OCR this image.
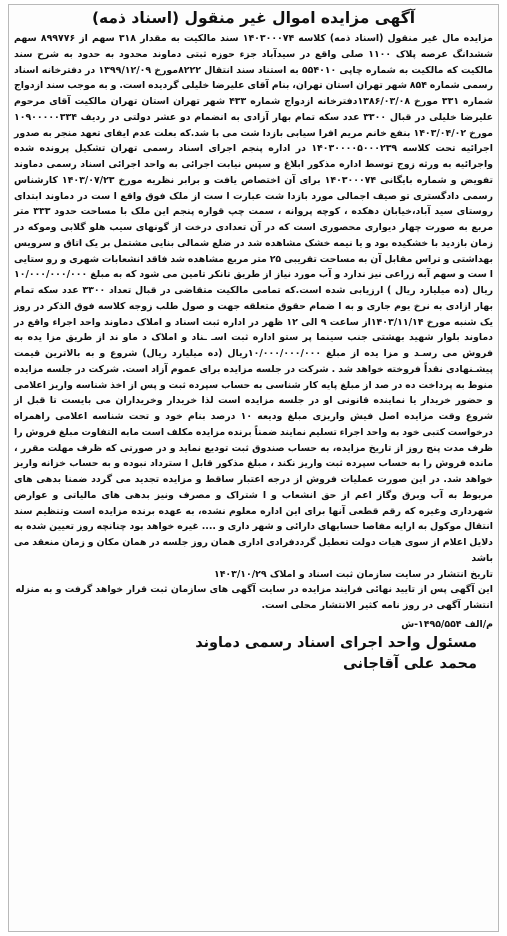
آگهی مزایده اموال غیر منقول (اسناد ذمه)

مزایده مال غیر منقول (اسناد ذمه) کلاسه ۱۴۰۳۰۰۰۷۴ سند مالکیت به مقدار ۳۱۸ سهم از ۸۹۹۷۷۶ سهم ششدانگ عرصه پلاک ۱۱۰۰ صلی واقع در سیدآباد جزء حوزه ثبتی دماوند محدود به حدود به شرح سند مالکیت که مالکیت به شماره چاپی ۵۵۴۰۱۰ به استناد سند انتقال ۸۲۲۲مورخ ۱۳۹۹/۱۲/۰۹ در دفترخانه اسناد رسمی شماره ۸۵۴ شهر تهران استان تهران، بنام آقای علیرضا خلیلی گردیده است. و به موجب سند ازدواج شماره ۳۳۱ مورخ ۱۳۸۶/۰۳/۰۸دفترخانه ازدواج شماره ۴۳۳ شهر تهران استان تهران مالکیت آقای مرحوم علیرضا خلیلی در قبال ۳۳۰۰ عدد سکه تمام بهار آزادی به انضمام دو عشر دولتی در ردیف ۱۰۹۰۰۰۰۰۳۳۴ مورخ ۱۴۰۳/۰۴/۰۲ بنفع خانم مریم افرا سیابی بازدا شت می با شد.که بعلت عدم ایفای تعهد منجر به صدور اجرائیه تحت کلاسه ۱۴۰۳۰۰۰۰۵۰۰۰۲۳۹ در اداره پنجم اجرای اسناد رسمی تهران تشکیل پرونده شده واجرائیه به ورثه زوج توسط اداره مذکور ابلاغ و سپس نیابت اجرائی به واحد اجرائی اسناد رسمی دماوند تفویض و شماره بایگانی ۱۴۰۳۰۰۰۷۴ برای آن اختصاص یافت و برابر نظریه مورخ ۱۴۰۳/۰۷/۲۳ کارشناس رسمی دادگستری تو صیف اجمالی مورد بازدا شت عبارت ا ست از ملک فوق واقع ا ست در دماوند ابتدای روستای سید آباد،خیابان دهکده ، کوچه پروانه ، سمت چپ قواره پنجم این ملک با مساحت حدود ۳۳۳ متر مربع به صورت چهار دیواری محصوری است که در آن تعدادی درخت از گونهای سیب هلو گلابی وموکه در زمان بازدید با خشکیده بود و یا نیمه خشک مشاهده شد در ضلع شمالی بنایی مشتمل بر یک اتاق و سرویس بهداشتی و تراس مقابل آن به مساحت تقریبی ۲۵ متر مربع مشاهده شد فاقد انشعابات شهری و رو ستایی ا ست و سهم آبه زراعی نیز ندارد و آب مورد نیاز از طریق تانکر تامین می شود که به مبلغ ۱۰/۰۰۰/۰۰۰/۰۰۰ ریال (ده میلیارد ریال ) ارزیابی شده است.که تمامی مالکیت متقاضی در قبال تعداد ۳۳۰۰ عدد سکه تمام بهار ازادی به نرخ یوم جاری و به ا ضمام حقوق متعلقه جهت و صول طلب زوجه کلاسه فوق الذکر در روز یک شنبه مورخ ۱۴۰۳/۱۱/۱۴از ساعت ۹ الی ۱۲ ظهر در اداره ثبت اسناد و املاک دماوند واحد اجراء واقع در دماوند بلوار شهید بهشتی جنب سینما پر ستو اداره ثبت اسـ ـناد و املاک د ماو ند از طریق مزا یده به فروش می رسـد و مزا یده از مبلغ ۱۰/۰۰۰/۰۰۰/۰۰۰ریال (ده میلیارد ریال) شروع و به بالاترین قیمت پیشـنهادی نقداً فروخته خواهد شد . شرکت در جلسه مزایده برای عموم آزاد است. شرکت در جلسه مزایده منوط به پرداخت ده در صد از مبلغ پایه کار شناسی به حساب سپرده ثبت و پس از اخذ شناسه واریز اعلامی و حضور خریدار یا نماینده قانونی او در جلسه مزایده است لذا خریدار وخریداران می بایست تا قبل از شروع وقت مزایده اصل فیش واریزی مبلغ ودیعه ۱۰ درصد بنام خود و تحت شناسه اعلامی راهمراه درخواست کتبی خود به واحد اجراء تسلیم نمایند ضمناً برنده مزایده مکلف است مابه التفاوت مبلغ فروش را ظرف مدت پنج روز از تاریخ مزایده، به حساب صندوق ثبت تودیع نماید و در صورتی که ظرف مهلت مقرر ، مانده فروش را به حساب سپرده ثبت واریز نکند ، مبلغ مذکور قابل ا سترداد نبوده و به حساب خزانه واریز خواهد شد. در این صورت عملیات فروش از درجه اعتبار ساقط و مزایده تجدید می گردد ضمنا بدهی های مربوط به آب وبرق وگاز اعم از حق انشعاب و ا شتراک و مصرف ونیز بدهی های مالیاتی و عوارض شهرداری وغیره که رقم قطعی آنها برای این اداره معلوم نشده، به عهده برنده مزایده است وتنظیم سند انتقال موکول به ارایه مفاصا حسابهای دارائی و شهر داری و .... غیره خواهد بود چنانچه روز تعیین شده به دلایل اعلام از سوی هیات دولت تعطیل گرددفرادی اداری همان روز جلسه در همان مکان و زمان منعقد می باشد

تاریخ انتشار در سایت سازمان ثبت اسناد و املاک ۱۴۰۳/۱۰/۲۹

این آگهی پس از تایید نهائی فرایند مزایده در سایت آگهی های سازمان ثبت قرار خواهد گرفت و به منزله انتشار آگهی در روز نامه کثیر الانتشار محلی است.

م/الف ۱۴۹۵/۵۵۴-ش
مسئول واحد اجرای اسناد رسمی دماوند
محمد علی آقاجانی
